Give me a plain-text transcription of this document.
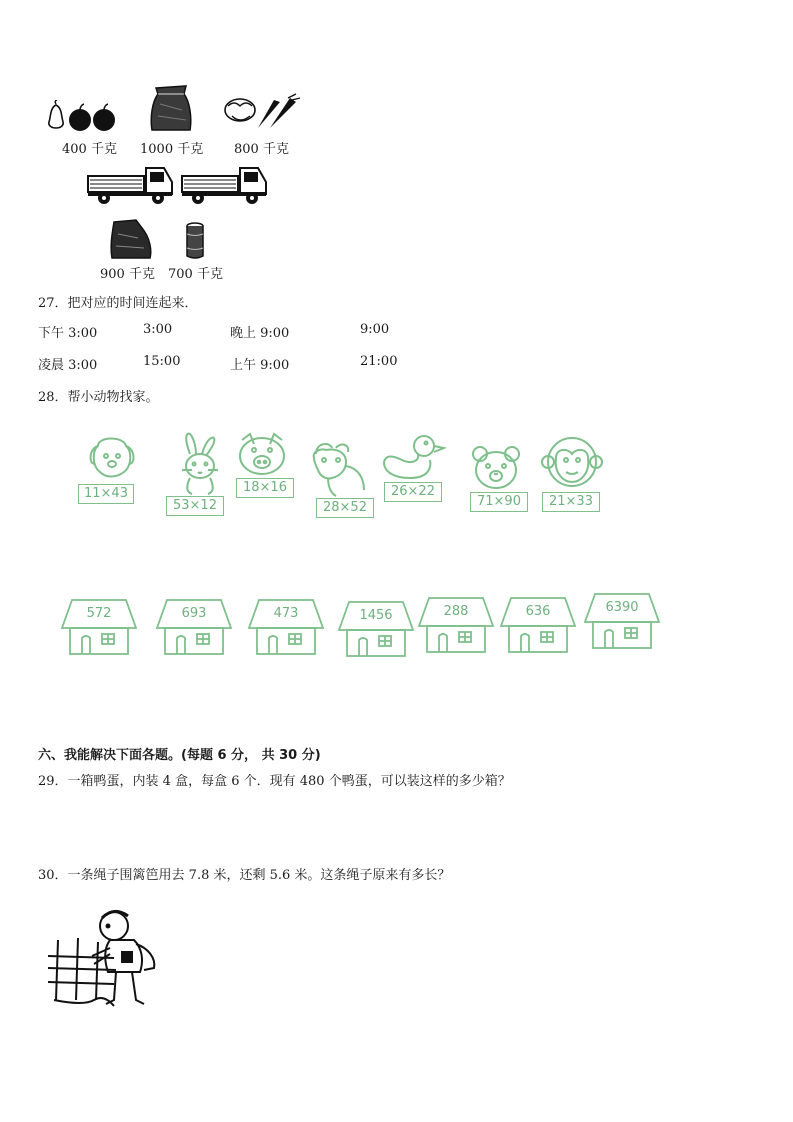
400 千克 1000 千克 800 千克
900 千克 700 千克
27．把对应的时间连起来．
下午 3:00	3:00	晚上 9:00	9:00
凌晨 3:00	15:00	上午 9:00	21:00
28．帮小动物找家。
11×43
53×12
18×16
28×52
26×22
71×90	21×33
572	693	473	1456	288	636	6390
六、我能解决下面各题。(每题 6 分， 共 30 分)
29．一箱鸭蛋，内装 4 盒，每盒 6 个．现有 480 个鸭蛋，可以装这样的多少箱？
30．一条绳子围篱笆用去 7.8 米，还剩 5.6 米。这条绳子原来有多长？
